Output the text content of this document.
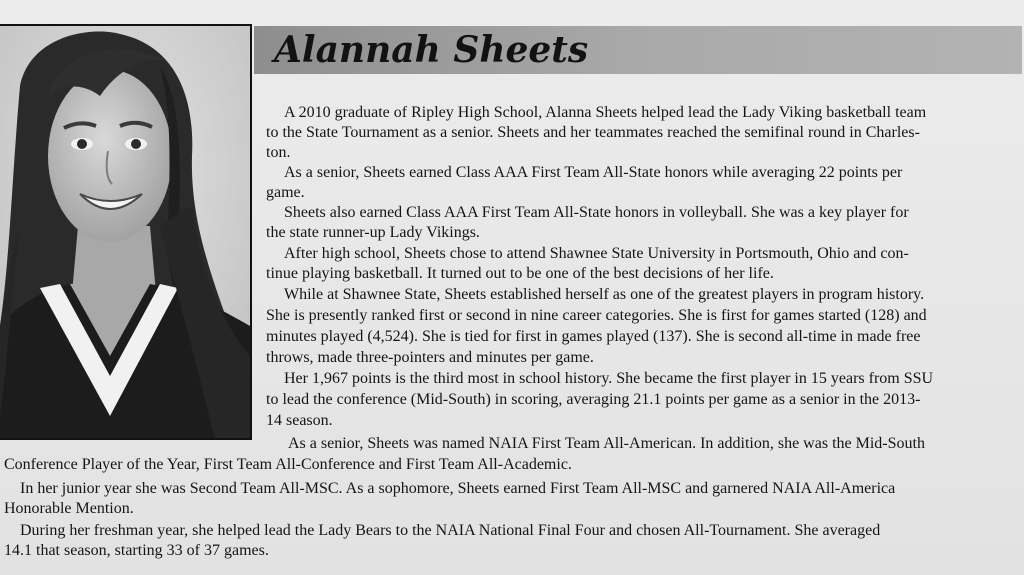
Alannah Sheets

A 2010 graduate of Ripley High School, Alanna Sheets helped lead the Lady Viking basketball team

to the State Tournament as a senior. Sheets and her teammates reached the semifinal round in Charles-

ton.

As a senior, Sheets earned Class AAA First Team All-State honors while averaging 22 points per

game.

Sheets also earned Class AAA First Team All-State honors in volleyball. She was a key player for

the state runner-up Lady Vikings.

After high school, Sheets chose to attend Shawnee State University in Portsmouth, Ohio and con-

tinue playing basketball. It turned out to be one of the best decisions of her life.

While at Shawnee State, Sheets established herself as one of the greatest players in program history.

She is presently ranked first or second in nine career categories. She is first for games started (128) and

minutes played (4,524). She is tied for first in games played (137). She is second all-time in made free

throws, made three-pointers and minutes per game.

Her 1,967 points is the third most in school history. She became the first player in 15 years from SSU

to lead the conference (Mid-South) in scoring, averaging 21.1 points per game as a senior in the 2013-

14 season.

As a senior, Sheets was named NAIA First Team All-American. In addition, she was the Mid-South

Conference Player of the Year, First Team All-Conference and First Team All-Academic.

In her junior year she was Second Team All-MSC. As a sophomore, Sheets earned First Team All-MSC and garnered NAIA All-America

Honorable Mention.

During her freshman year, she helped lead the Lady Bears to the NAIA National Final Four and chosen All-Tournament. She averaged

14.1 that season, starting 33 of 37 games.
